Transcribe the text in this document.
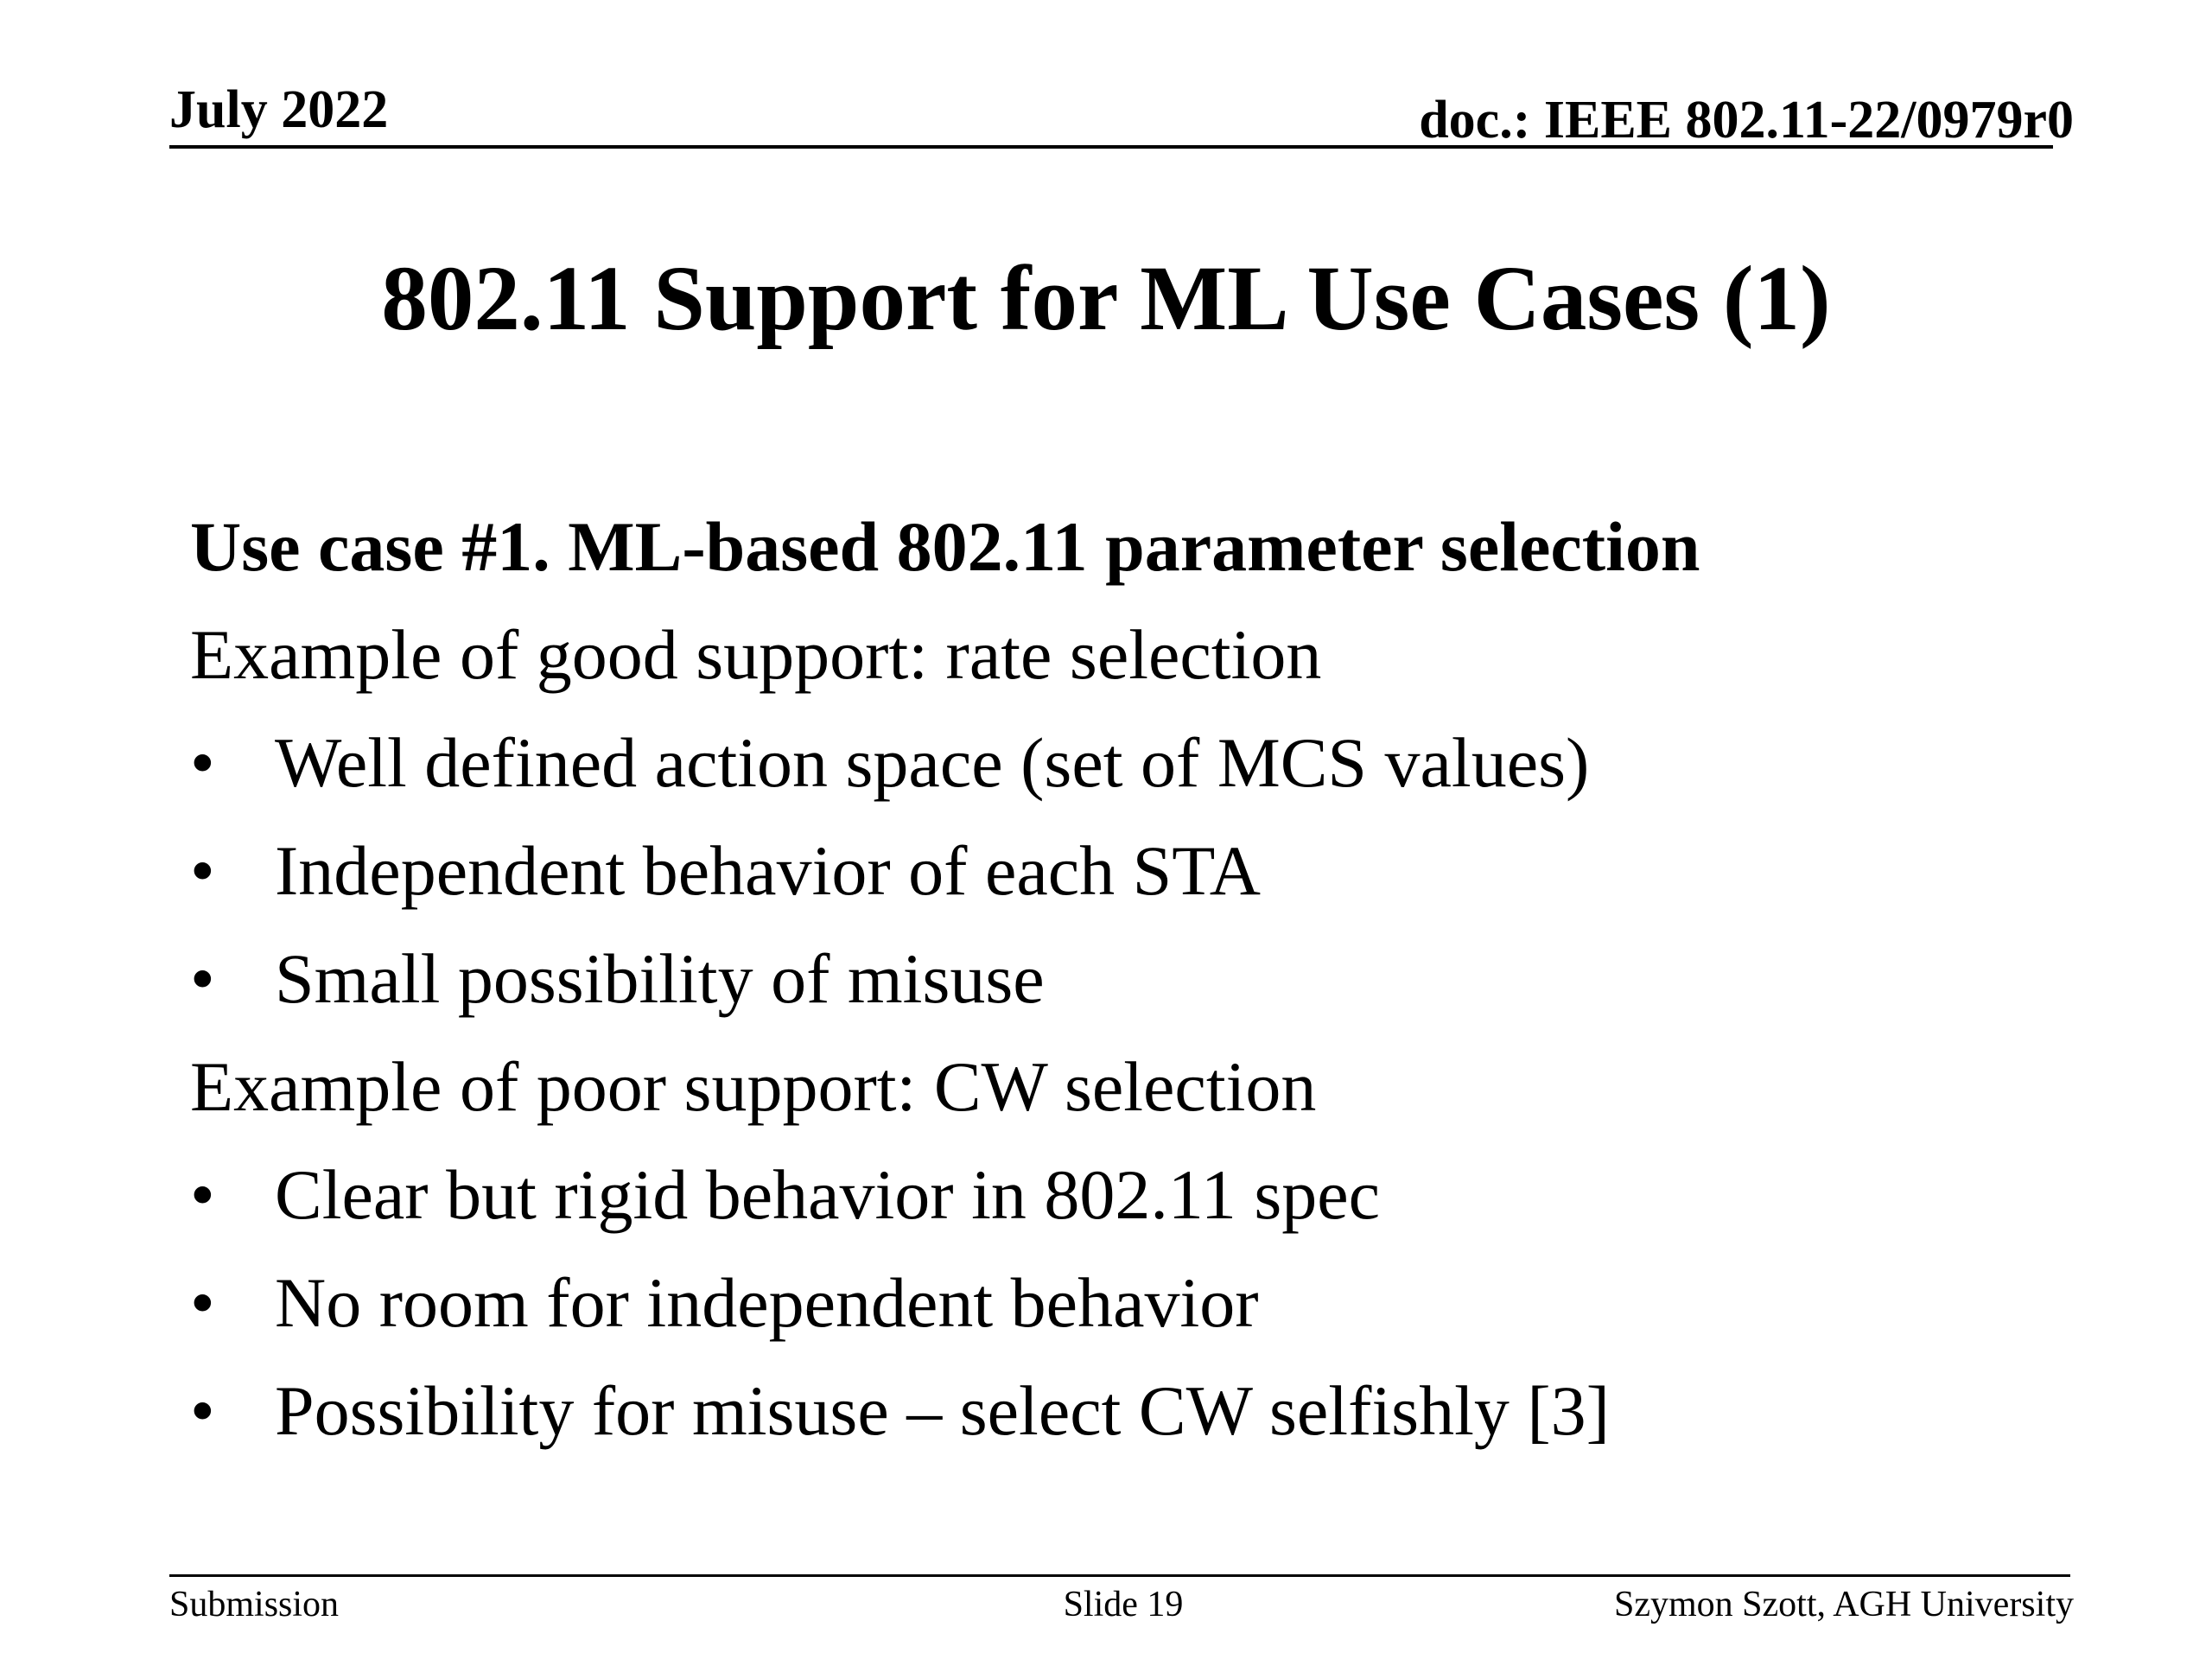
July 2022	doc.: IEEE 802.11-22/0979r0
802.11 Support for ML Use Cases (1)
Use case #1. ML-based 802.11 parameter selection
Example of good support: rate selection
• Well defined action space (set of MCS values)
• Independent behavior of each STA
• Small possibility of misuse
Example of poor support: CW selection
• Clear but rigid behavior in 802.11 spec
• No room for independent behavior
• Possibility for misuse – select CW selfishly [3]
Submission	Slide 19	Szymon Szott, AGH University
